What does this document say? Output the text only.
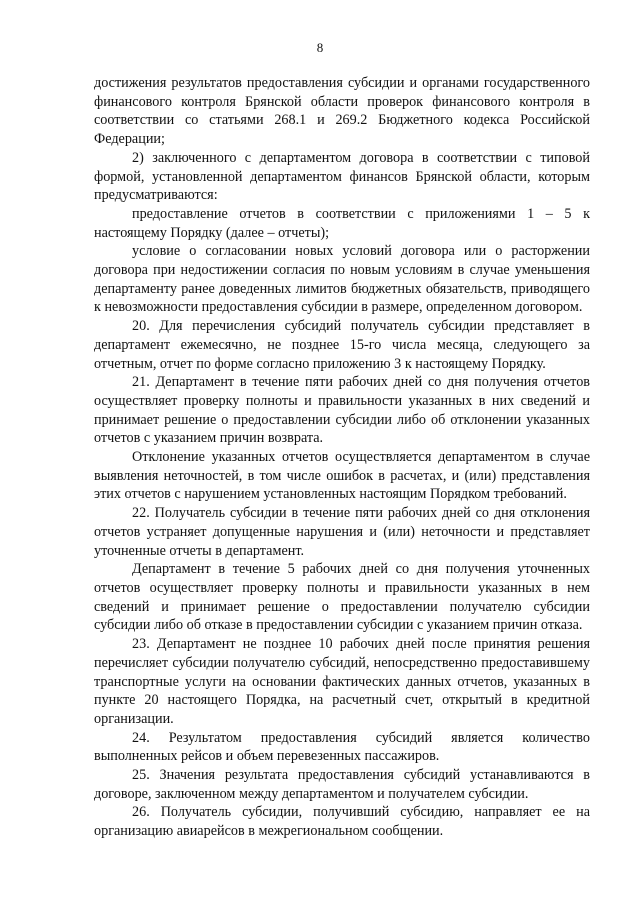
8

достижения результатов предоставления субсидии и органами государственного финансового контроля Брянской области проверок финансового контроля в соответствии со статьями 268.1 и 269.2 Бюджетного кодекса Российской Федерации;

2) заключенного с департаментом договора в соответствии с типовой формой, установленной департаментом финансов Брянской области, которым предусматриваются:

предоставление отчетов в соответствии с приложениями 1 – 5 к настоящему Порядку (далее – отчеты);

условие о согласовании новых условий договора или о расторжении договора при недостижении согласия по новым условиям в случае уменьшения департаменту ранее доведенных лимитов бюджетных обязательств, приводящего к невозможности предоставления субсидии в размере, определенном договором.

20. Для перечисления субсидий получатель субсидии представляет в департамент ежемесячно, не позднее 15-го числа месяца, следующего за отчетным, отчет по форме согласно приложению 3 к настоящему Порядку.

21. Департамент в течение пяти рабочих дней со дня получения отчетов осуществляет проверку полноты и правильности указанных в них сведений и принимает решение о предоставлении субсидии либо об отклонении указанных отчетов с указанием причин возврата.

Отклонение указанных отчетов осуществляется департаментом в случае выявления неточностей, в том числе ошибок в расчетах, и (или) представления этих отчетов с нарушением установленных настоящим Порядком требований.

22. Получатель субсидии в течение пяти рабочих дней со дня отклонения отчетов устраняет допущенные нарушения и (или) неточности и представляет уточненные отчеты в департамент.

Департамент в течение 5 рабочих дней со дня получения уточненных отчетов осуществляет проверку полноты и правильности указанных в нем сведений и принимает решение о предоставлении получателю субсидии субсидии либо об отказе в предоставлении субсидии с указанием причин отказа.

23. Департамент не позднее 10 рабочих дней после принятия решения перечисляет субсидии получателю субсидий, непосредственно предоставившему транспортные услуги на основании фактических данных отчетов, указанных в пункте 20 настоящего Порядка, на расчетный счет, открытый в кредитной организации.

24. Результатом предоставления субсидий является количество выполненных рейсов и объем перевезенных пассажиров.

25. Значения результата предоставления субсидий устанавливаются в договоре, заключенном между департаментом и получателем субсидии.

26. Получатель субсидии, получивший субсидию, направляет ее на организацию авиарейсов в межрегиональном сообщении.
